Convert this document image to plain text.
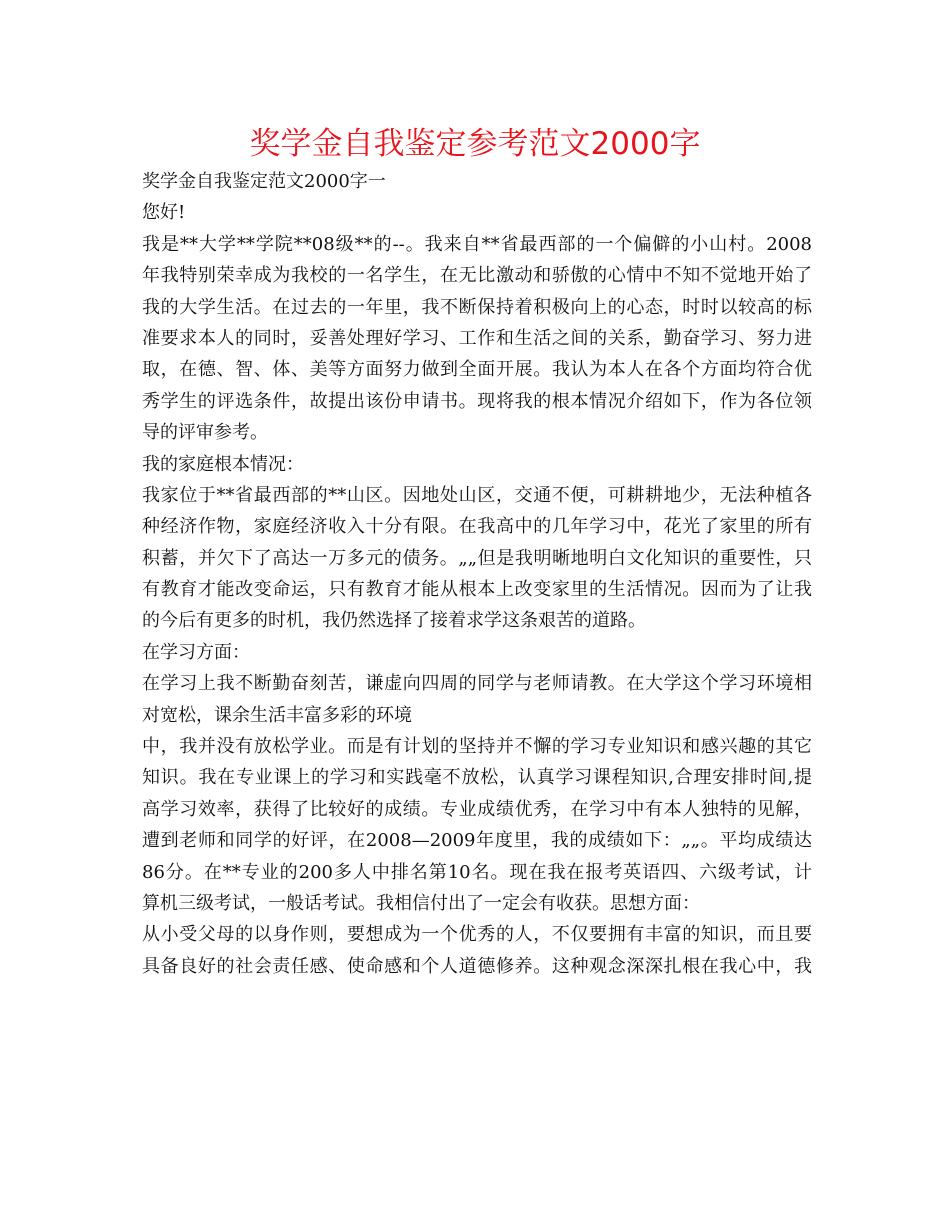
奖学金自我鉴定参考范文2000字
奖学金自我鉴定范文2000字一
您好!
我是**大学**学院**08级**的--。我来自**省最西部的一个偏僻的小山村。2008
年我特别荣幸成为我校的一名学生，在无比激动和骄傲的心情中不知不觉地开始了
我的大学生活。在过去的一年里，我不断保持着积极向上的心态，时时以较高的标
准要求本人的同时，妥善处理好学习、工作和生活之间的关系，勤奋学习、努力进
取，在德、智、体、美等方面努力做到全面开展。我认为本人在各个方面均符合优
秀学生的评选条件，故提出该份申请书。现将我的根本情况介绍如下，作为各位领
导的评审参考。
我的家庭根本情况：
我家位于**省最西部的**山区。因地处山区，交通不便，可耕耕地少，无法种植各
种经济作物，家庭经济收入十分有限。在我高中的几年学习中，花光了家里的所有
积蓄，并欠下了高达一万多元的债务。„„但是我明晰地明白文化知识的重要性，只
有教育才能改变命运，只有教育才能从根本上改变家里的生活情况。因而为了让我
的今后有更多的时机，我仍然选择了接着求学这条艰苦的道路。
在学习方面：
在学习上我不断勤奋刻苦，谦虚向四周的同学与老师请教。在大学这个学习环境相
对宽松，课余生活丰富多彩的环境
中，我并没有放松学业。而是有计划的坚持并不懈的学习专业知识和感兴趣的其它
知识。我在专业课上的学习和实践毫不放松，认真学习课程知识,合理安排时间,提
高学习效率，获得了比较好的成绩。专业成绩优秀，在学习中有本人独特的见解，
遭到老师和同学的好评，在2008—2009年度里，我的成绩如下：„„。平均成绩达
86分。在**专业的200多人中排名第10名。现在我在报考英语四、六级考试，计
算机三级考试，一般话考试。我相信付出了一定会有收获。思想方面：
从小受父母的以身作则，要想成为一个优秀的人，不仅要拥有丰富的知识，而且要
具备良好的社会责任感、使命感和个人道德修养。这种观念深深扎根在我心中，我
